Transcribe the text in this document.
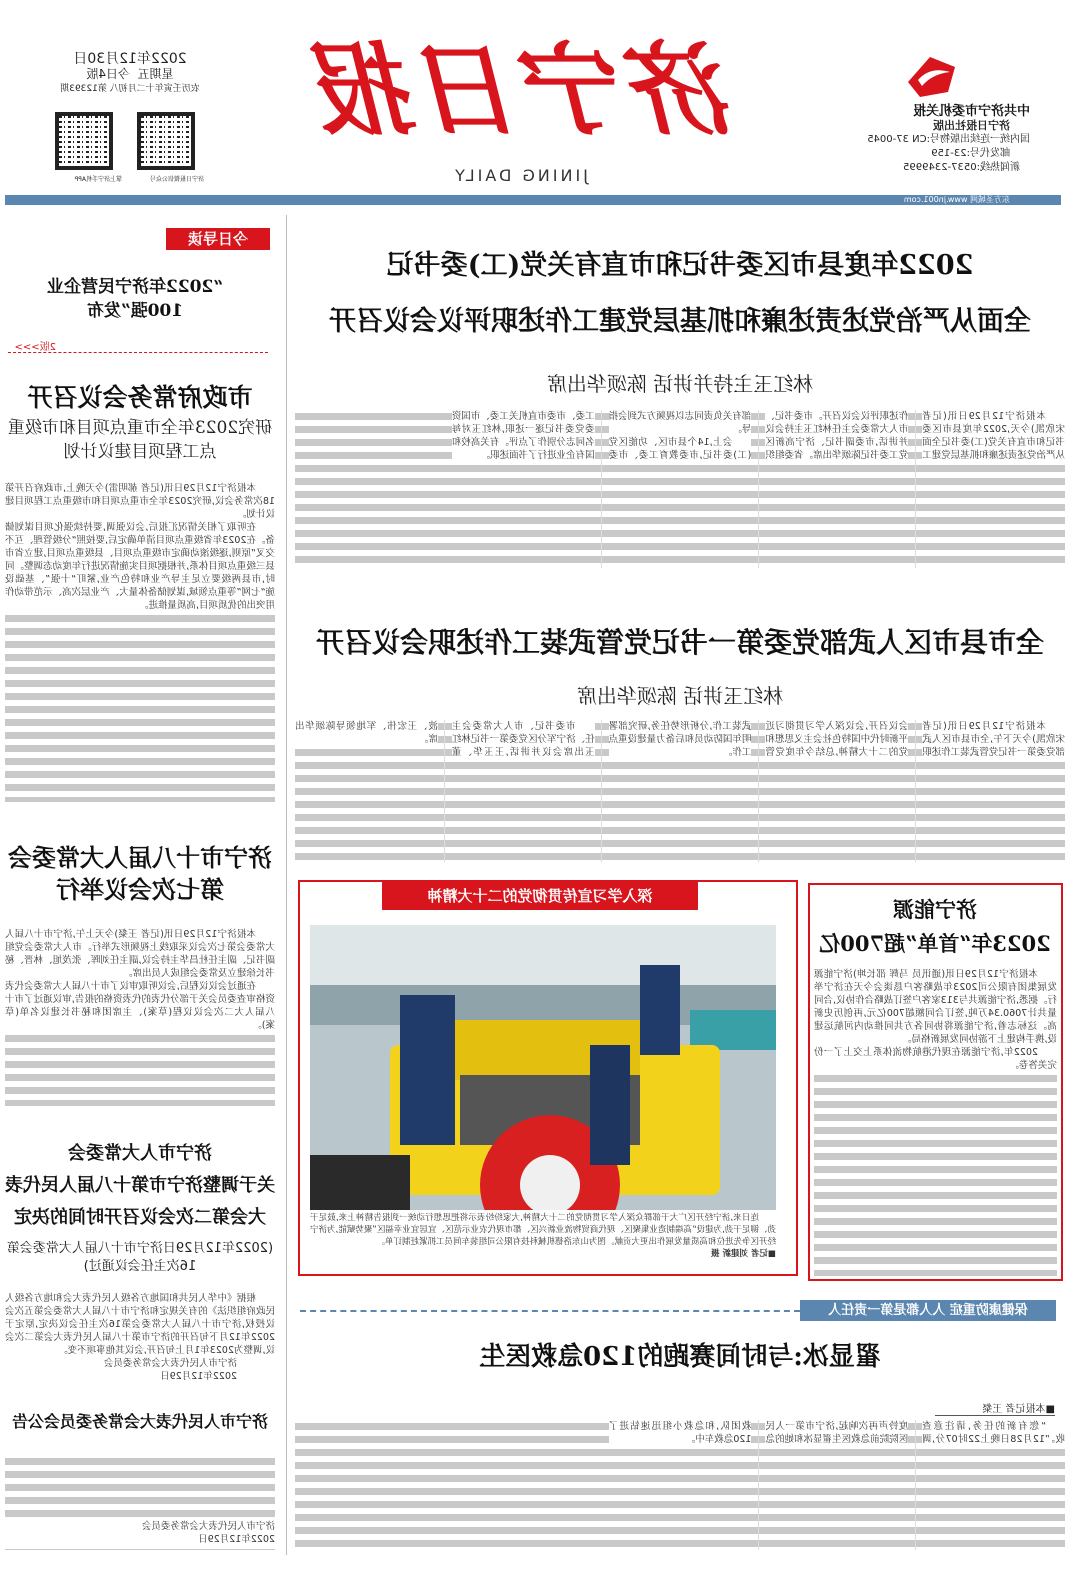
2022年12月30日
星期五  今日4版
农历壬寅年十二月初八 第12393期
掌上济宁手机APP	济宁日报微信公众号
济宁日报
JINING DAILY
中共济宁市委机关报
济宁日报社出版
国内统一连续出版物号:CN 37-0045
邮发代号:23-159
新闻热线:0537-2349995
东方圣城网 www.jn001.com
今日导读
“2022年济宁民营企业100强”发布
2版>>>
市政府常务会议召开
研究2023年全市重点项目和市级重点工程项目建议计划

本报济宁12月29日讯(记者 郝明雷)今天晚上,市政府召开第18次常务会议,研究2023年全市重点项目和市级重点工程项目建议计划。

在听取了相关情况汇报后,会议强调,要持续强化项目谋划储备。在2023年省级重点项目清单确定后,要按照“分级管理、互不交叉”原则,逐级滚动确定市级重点项目、县级重点项目,建立省市县三级重点项目体系,并根据项目实施情况进行年度动态调整。同时,市县两级要立足主导产业和特色产业,紧盯“十强”、基础设施“七网”等重点领域,谋划储备体量大、产业层次高、示范带动作用突出的优质项目,高质量推进。

济宁市十八届人大常委会第七次会议举行

本报济宁12月29日讯(记者 王粲)今天上午,济宁市十八届人大常委会第七次会议采取线上视频形式举行。市人大常委会党组副书记、副主任杜昌华主持会议,副主任刘晖、张茂旭、林晋、秘书长徐建立及常委会组成人员出席。

在通过会议议程后,会议听取审议了市十八届人大常委会代表资格审查委员会关于部分代表的代表资格的报告,审议通过了市十八届人大二次会议议程(草案)、主席团和秘书长建议名单(草案)。

济宁市人大常委会
关于调整济宁市第十八届人民代表大会第二次会议召开时间的决定
(2022年12月29日济宁市十八届人大常委会第16次主任会议通过)

根据《中华人民共和国地方各级人民代表大会和地方各级人民政府组织法》的有关规定和济宁市十八届人大常委会第五次会议授权,济宁市十八届人大常委会第16次主任会议决定,原定于2022年12月下旬召开的济宁市第十八届人民代表大会第二次会议,调整为2023年1月上旬召开,会议其他事项不变。

济宁市人民代表大会常务委员会
2022年12月29日
济宁市人民代表大会常务委员会公告
济宁市人民代表大会常务委员会
2022年12月29日
2022年度县市区委书记和市直有关党(工)委书记
全面从严治党述责述廉和抓基层党建工作述职评议会议召开
林红玉主持并讲话 陈颂华出席

本报济宁12月29日讯(记者 宋欣凯)今天,2022年度县市区委书记和市直有关党(工)委书记全面从严治党述责述廉和抓基层党建工作述职评议会议召开。市委书记、市人大常委会主任林红玉主持会议并讲话,市委副书记、济宁高新区党工委书记陈颂华出席。省委组织部有关负责同志以视频方式到会指导。

会上,14个县市区、功能区党(工)委书记,市委教育工委、市委工委、市委市直机关工委、市国资委党委书记逐一述职,林红玉对每名同志分别作了点评。有关高校和国有企业进行了书面述职。

全市县市区人武部党委第一书记党管武装工作述职会议召开
林红玉讲话 陈颂华出席

本报济宁12月29日讯(记者 宋欣凯)今天下午,全市县市区人武部党委第一书记党管武装工作述职会议召开,会议深入学习贯彻习近平新时代中国特色社会主义思想和党的二十大精神,总结今年度党管武装工作,分析形势任务,研究部署明年国防动员和后备力量建设重点工作。

市委书记、市人大常委会主任、济宁军分区党委第一书记林红玉出席会议并讲话,王玉华、董波、王宏伟、军地领导陈颂华出席。

深入学习宣传贯彻党的二十大精神

连日来,济宁经开区广大干部群众深入学习贯彻党的二十大精神,大家纷纷表示将把思想行动统一到报告精神上来,鼓足干劲、铆足干劲,为建设“高端制造业集聚区、现代商贸物流业新兴区、都市现代农业示范区、宜居宜业幸福区”聚势赋能,为济宁经开区争先进位和高质量发展作出更大贡献。图为山东洛德机械科技有限公司组装车间员工抓紧赶制订单。

■记者 刘建新 摄
济宁能源
2023年“首单”超700亿

本报济宁12月29日讯(通讯员 马辉 邵长坤)济宁能源发展集团有限公司2023年战略客户恳谈会今天在济宁举行。据悉,济宁能源共与313家客户签订战略合作协议,合同量共计7060.34万吨,签订合同额超700亿元,再创历史新高。这标志着,济宁能源将协同各方共同推动内河航运建设,携手构建上下游协同发展新格局。

2022年,济宁能源在现代港航物流体系上交上了一份完美答卷。

保健康防重症 人人都是第一责任人
翟显冰:与时间赛跑的120急救医生
■本报记者 王粲

“您有新的任务,请注意查收。”12月28日晚上22时07分,调度铃声再次响起,济宁市第一人民医院院前急救医生翟显冰和她的急救团队,和急救小组迅速钻进了120急救车中。
